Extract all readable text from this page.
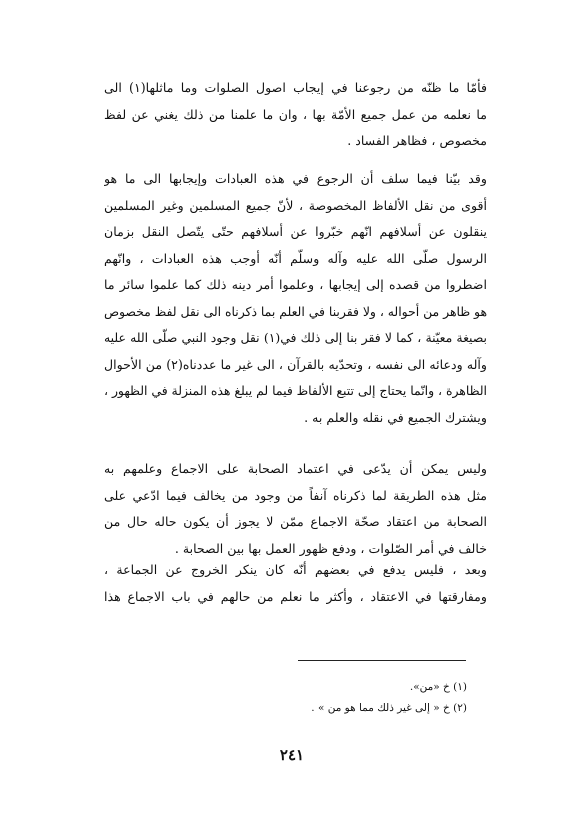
فأمّا ما ظنّه من رجوعنا في إيجاب اصول الصلوات وما ماثلها(١) الى
ما نعلمه من عمل جميع الأمّة بها ، وان ما علمنا من ذلك يغني عن لفظ
مخصوص ، فظاهر الفساد .
وقد بيّنا فيما سلف أن الرجوع في هذه العبادات وإيجابها الى ما هو
أقوى من نقل الألفاظ المخصوصة ، لأنّ جميع المسلمين وغير المسلمين
ينقلون عن أسلافهم انّهم خبّروا عن أسلافهم حتّى يتّصل النقل بزمان
الرسول صلّى الله عليه وآله وسلّم أنّه أوجب هذه العبادات ، وانّهم
اضطروا من قصده إلى إيجابها ، وعلموا أمر دينه ذلك كما علموا سائر ما
هو ظاهر من أحواله ، ولا فقربنا في العلم بما ذكرناه الى نقل لفظ مخصوص
بصيغة معيّنة ، كما لا فقر بنا إلى ذلك في(١) نقل وجود النبي صلّى الله عليه
وآله ودعائه الى نفسه ، وتحدّيه بالقرآن ، الى غير ما عددناه(٢) من الأحوال
الظاهرة ، وانّما يحتاج إلى تتبع الألفاظ فيما لم يبلغ هذه المنزلة في الظهور ،
ويشترك الجميع في نقله والعلم به .
وليس يمكن أن يدّعى في اعتماد الصحابة على الاجماع وعلمهم به
مثل هذه الطريقة لما ذكرناه آنفاً من وجود من يخالف فيما ادّعي على
الصحابة من اعتقاد صحّة الاجماع ممّن لا يجوز أن يكون حاله حال من
خالف في أمر الصّلوات ، ودفع ظهور العمل بها بين الصحابة .
وبعد ، فليس يدفع في بعضهم أنّه كان ينكر الخروج عن الجماعة ،
ومفارقتها في الاعتقاد ، وأكثر ما نعلم من حالهم في باب الاجماع هذا
(١) خ «من».
(٢) خ « إلى غير ذلك مما هو من » .
٢٤١
